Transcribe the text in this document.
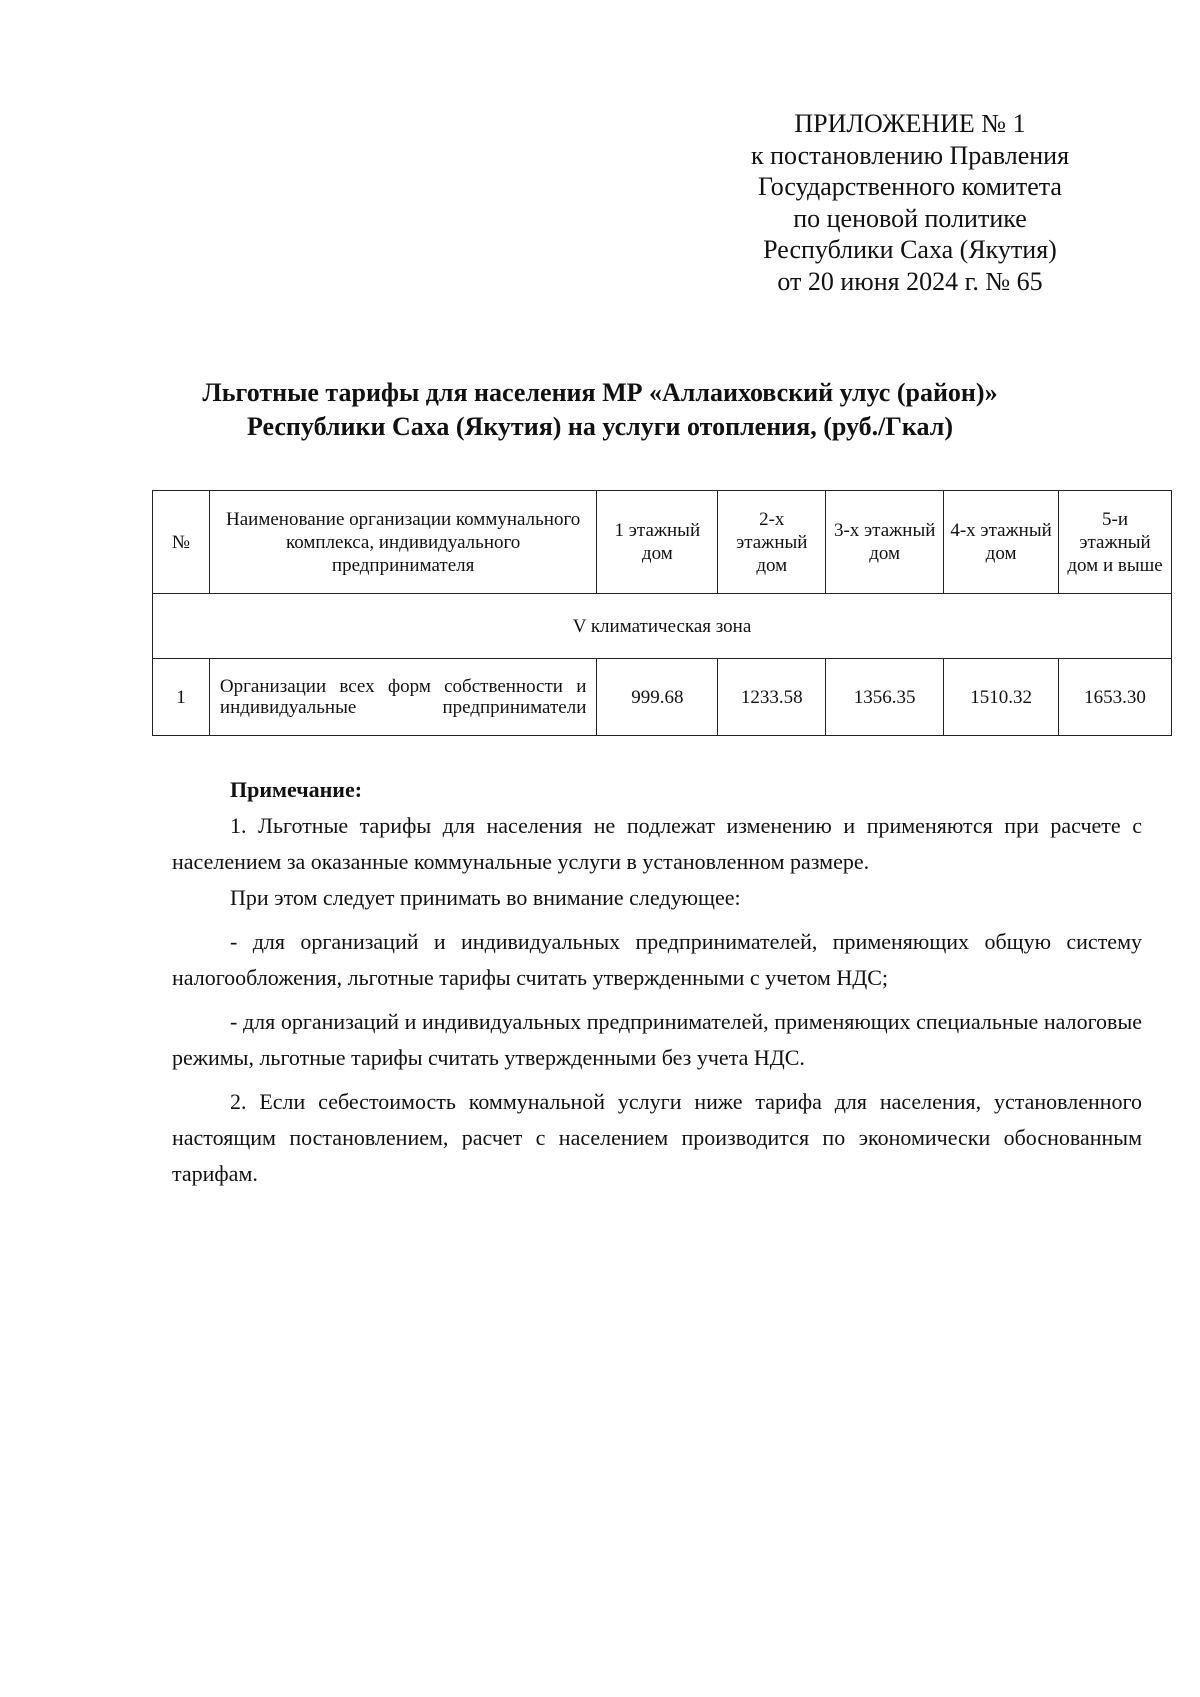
ПРИЛОЖЕНИЕ № 1
к постановлению Правления
Государственного комитета
по ценовой политике
Республики Саха (Якутия)
от 20 июня 2024 г. № 65
Льготные тарифы для населения МР «Аллаиховский улус (район)»
Республики Саха (Якутия) на услуги отопления, (руб./Гкал)
№	Наименование организации коммунального комплекса, индивидуального предпринимателя	1 этажный дом	2-х этажный дом	3-х этажный дом	4-х этажный дом	5-и этажный дом и выше
V климатическая зона						
1	Организации всех форм собственности и индивидуальные предприниматели	999.68	1233.58	1356.35	1510.32	1653.30

Примечание:

1. Льготные тарифы для населения не подлежат изменению и применяются при расчете с населением за оказанные коммунальные услуги в установленном размере.

При этом следует принимать во внимание следующее:

- для организаций и индивидуальных предпринимателей, применяющих общую систему налогообложения, льготные тарифы считать утвержденными с учетом НДС;

- для организаций и индивидуальных предпринимателей, применяющих специальные налоговые режимы, льготные тарифы считать утвержденными без учета НДС.

2. Если себестоимость коммунальной услуги ниже тарифа для населения, установленного настоящим постановлением, расчет с населением производится по экономически обоснованным тарифам.
